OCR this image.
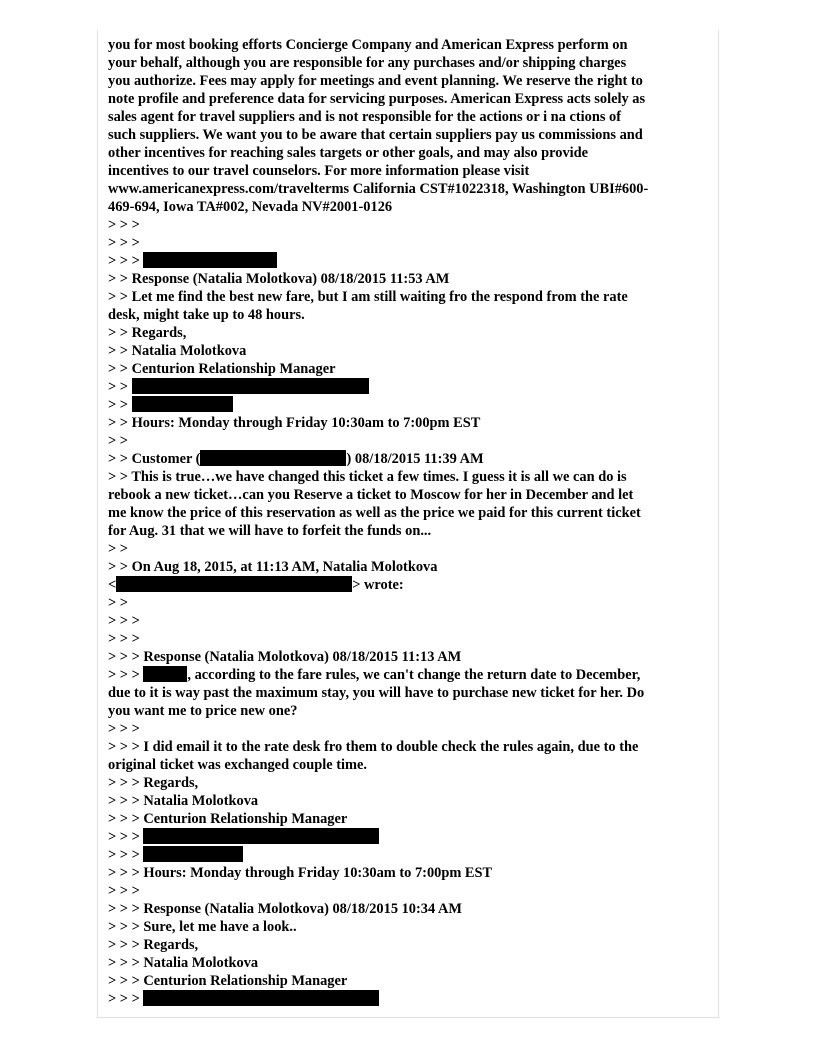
you for most booking efforts Concierge Company and American Express perform on
your behalf, although you are responsible for any purchases and/or shipping charges
you authorize. Fees may apply for meetings and event planning. We reserve the right to
note profile and preference data for servicing purposes. American Express acts solely as
sales agent for travel suppliers and is not responsible for the actions or i na ctions of
such suppliers. We want you to be aware that certain suppliers pay us commissions and
other incentives for reaching sales targets or other goals, and may also provide
incentives to our travel counselors. For more information please visit
www.americanexpress.com/travelterms California CST#1022318, Washington UBI#600-
469-694, Iowa TA#002, Nevada NV#2001-0126
> > >
> > >
> > >
> > Response (Natalia Molotkova) 08/18/2015 11:53 AM
> > Let me find the best new fare, but I am still waiting fro the respond from the rate
desk, might take up to 48 hours.
> > Regards,
> > Natalia Molotkova
> > Centurion Relationship Manager
> >
> >
> > Hours: Monday through Friday 10:30am to 7:00pm EST
> >
> > Customer (	) 08/18/2015 11:39 AM
> > This is true…we have changed this ticket a few times. I guess it is all we can do is
rebook a new ticket…can you Reserve a ticket to Moscow for her in December and let
me know the price of this reservation as well as the price we paid for this current ticket
for Aug. 31 that we will have to forfeit the funds on...
> >
> > On Aug 18, 2015, at 11:13 AM, Natalia Molotkova
<	> wrote:
> >
> > >
> > >
> > > Response (Natalia Molotkova) 08/18/2015 11:13 AM
> > >	, according to the fare rules, we can't change the return date to December,
due to it is way past the maximum stay, you will have to purchase new ticket for her. Do
you want me to price new one?
> > >
> > > I did email it to the rate desk fro them to double check the rules again, due to the
original ticket was exchanged couple time.
> > > Regards,
> > > Natalia Molotkova
> > > Centurion Relationship Manager
> > >
> > >
> > > Hours: Monday through Friday 10:30am to 7:00pm EST
> > >
> > > Response (Natalia Molotkova) 08/18/2015 10:34 AM
> > > Sure, let me have a look..
> > > Regards,
> > > Natalia Molotkova
> > > Centurion Relationship Manager
> > >
